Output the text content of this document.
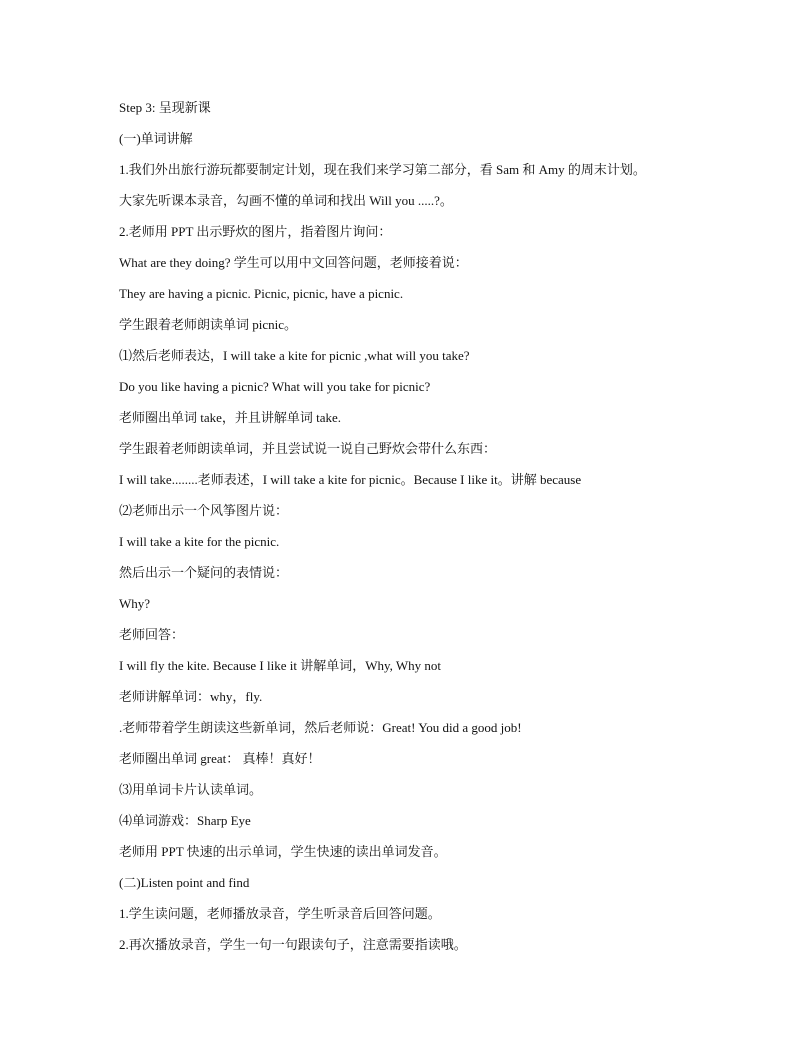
Step 3: 呈现新课
(一)单词讲解
1.我们外出旅行游玩都要制定计划，现在我们来学习第二部分，看 Sam 和 Amy 的周末计划。
大家先听课本录音，勾画不懂的单词和找出 Will you .....?。
2.老师用 PPT 出示野炊的图片，指着图片询问：
What are they doing? 学生可以用中文回答问题，老师接着说：
They are having a picnic. Picnic, picnic, have a picnic.
学生跟着老师朗读单词 picnic。
⑴然后老师表达，I will take a kite for picnic ,what will you take?
Do you like having a picnic? What will you take for picnic?
老师圈出单词 take，并且讲解单词 take.
学生跟着老师朗读单词，并且尝试说一说自己野炊会带什么东西：
I will take........老师表述，I will take a kite for picnic。Because I like it。讲解 because
⑵老师出示一个风筝图片说：
I will take a kite for the picnic.
然后出示一个疑问的表情说：
Why?
老师回答：
I will fly the kite. Because I like it 讲解单词，Why, Why not
老师讲解单词：why，fly.
.老师带着学生朗读这些新单词，然后老师说：Great! You did a good job!
老师圈出单词 great： 真棒！真好！
⑶用单词卡片认读单词。
⑷单词游戏：Sharp Eye
老师用 PPT 快速的出示单词，学生快速的读出单词发音。
(二)Listen point and find
1.学生读问题，老师播放录音，学生听录音后回答问题。
2.再次播放录音，学生一句一句跟读句子，注意需要指读哦。
